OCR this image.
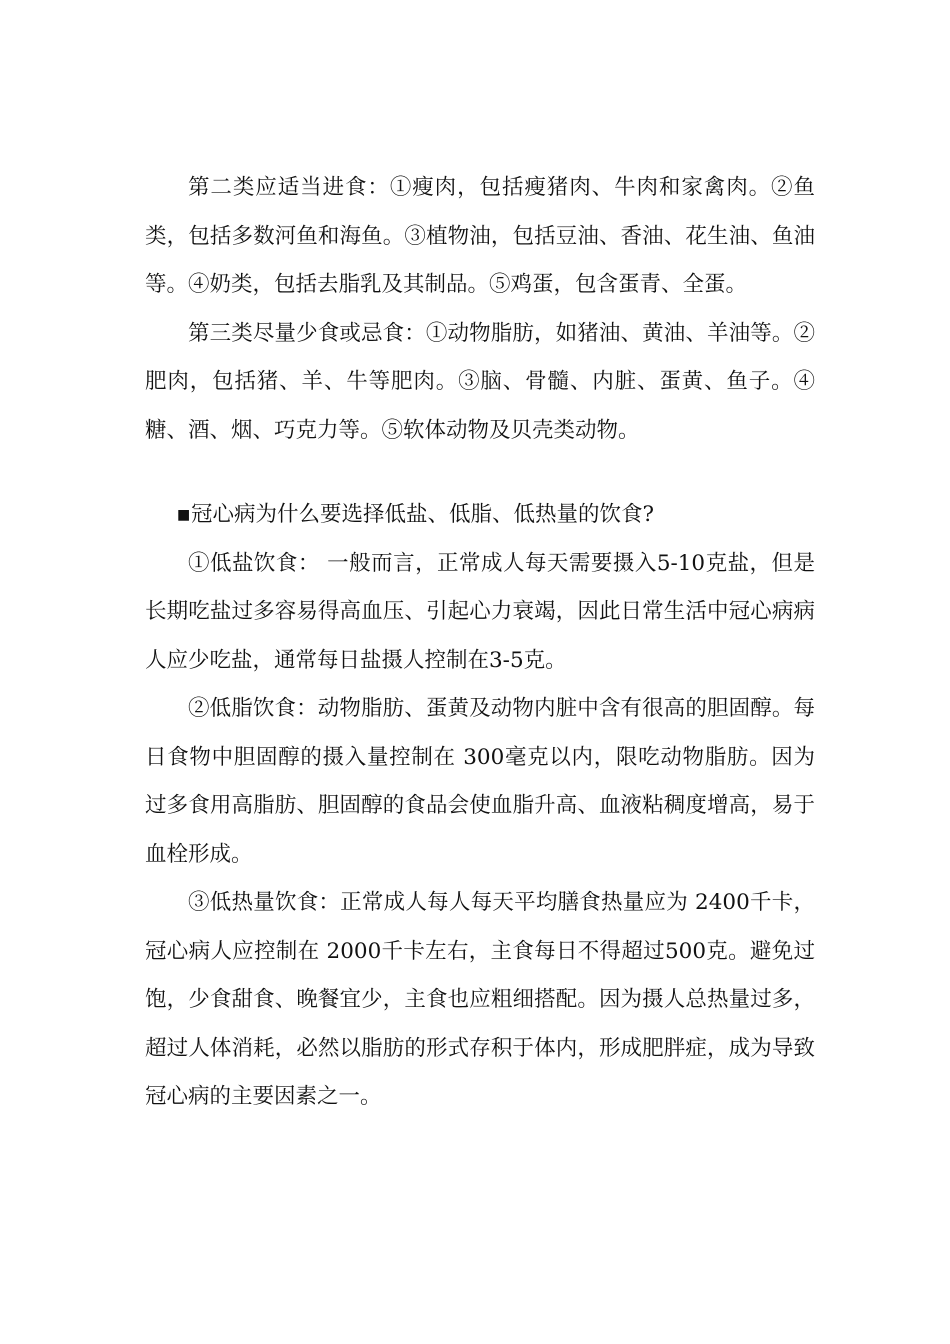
第二类应适当进食：①瘦肉，包括瘦猪肉、牛肉和家禽肉。②鱼类，包括多数河鱼和海鱼。③植物油，包括豆油、香油、花生油、鱼油等。④奶类，包括去脂乳及其制品。⑤鸡蛋，包含蛋青、全蛋。

第三类尽量少食或忌食：①动物脂肪，如猪油、黄油、羊油等。②肥肉，包括猪、羊、牛等肥肉。③脑、骨髓、内脏、蛋黄、鱼子。④糖、酒、烟、巧克力等。⑤软体动物及贝壳类动物。

■冠心病为什么要选择低盐、低脂、低热量的饮食?

①低盐饮食： 一般而言，正常成人每天需要摄入5-10克盐，但是长期吃盐过多容易得高血压、引起心力衰竭，因此日常生活中冠心病病人应少吃盐，通常每日盐摄人控制在3-5克。

②低脂饮食：动物脂肪、蛋黄及动物内脏中含有很高的胆固醇。每日食物中胆固醇的摄入量控制在 300毫克以内，限吃动物脂肪。因为过多食用高脂肪、胆固醇的食品会使血脂升高、血液粘稠度增高，易于血栓形成。

③低热量饮食：正常成人每人每天平均膳食热量应为 2400千卡，冠心病人应控制在 2000千卡左右，主食每日不得超过500克。避免过饱，少食甜食、晚餐宜少，主食也应粗细搭配。因为摄人总热量过多，超过人体消耗，必然以脂肪的形式存积于体内，形成肥胖症，成为导致冠心病的主要因素之一。
